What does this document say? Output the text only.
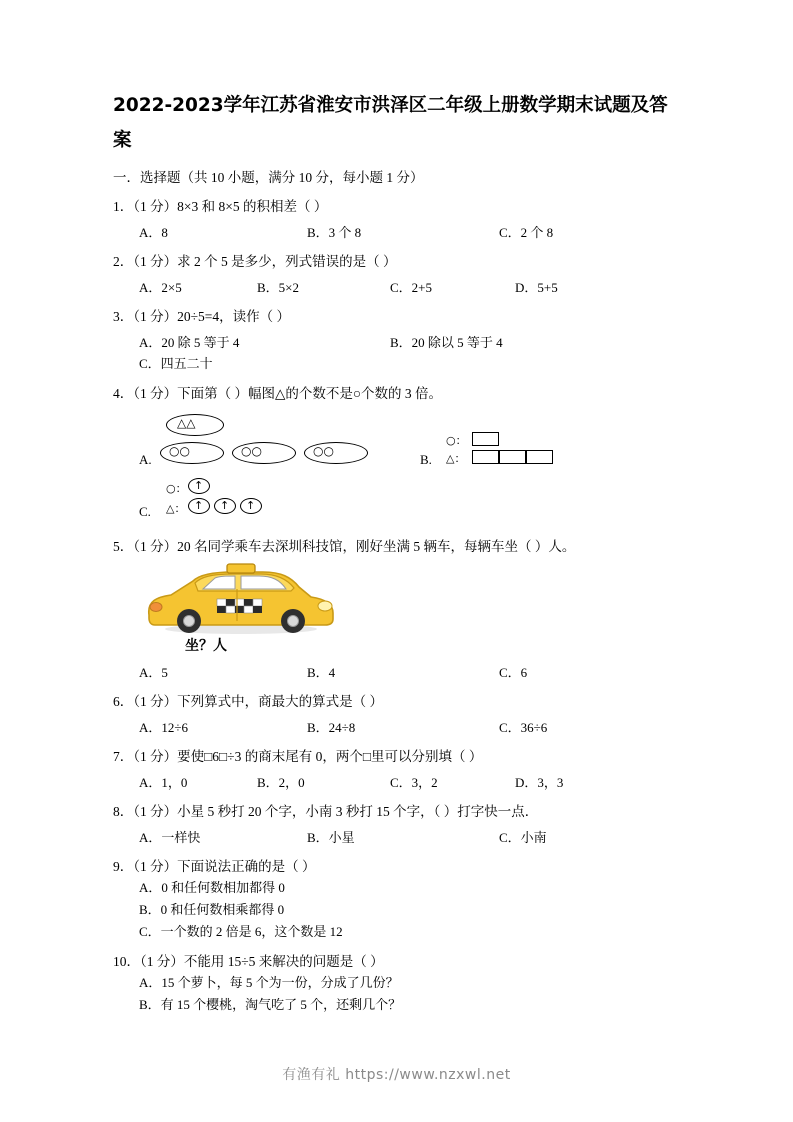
2022-2023学年江苏省淮安市洪泽区二年级上册数学期末试题及答案
一．选择题（共 10 小题，满分 10 分，每小题 1 分）
1．（1 分）8×3 和 8×5 的积相差（ ）
A．8	B．3 个 8	C．2 个 8
2．（1 分）求 2 个 5 是多少，列式错误的是（ ）
A．2×5	B．5×2	C．2+5	D．5+5
3．（1 分）20÷5=4，读作（ ）
A．20 除 5 等于 4	B．20 除以 5 等于 4
C．四五二十
4．（1 分）下面第（ ）幅图△的个数不是○个数的 3 倍。
A.
△△
○○	○○	○○
B.
○：
△：
C.
○： ↑
△： ↑ ↑ ↑
5．（1 分）20 名同学乘车去深圳科技馆，刚好坐满 5 辆车，每辆车坐（ ）人。
坐？人
A．5	B．4	C．6
6．（1 分）下列算式中，商最大的算式是（ ）
A．12÷6	B．24÷8	C．36÷6
7．（1 分）要使□6□÷3 的商末尾有 0，两个□里可以分别填（ ）
A．1，0	B．2，0	C．3，2	D．3，3
8．（1 分）小星 5 秒打 20 个字，小南 3 秒打 15 个字，（ ）打字快一点．
A．一样快	B．小星	C．小南
9．（1 分）下面说法正确的是（ ）
A．0 和任何数相加都得 0
B．0 和任何数相乘都得 0
C．一个数的 2 倍是 6，这个数是 12
10．（1 分）不能用 15÷5 来解决的问题是（ ）
A．15 个萝卜，每 5 个为一份，分成了几份？
B．有 15 个樱桃，淘气吃了 5 个，还剩几个？
有渔有礼 https://www.nzxwl.net
